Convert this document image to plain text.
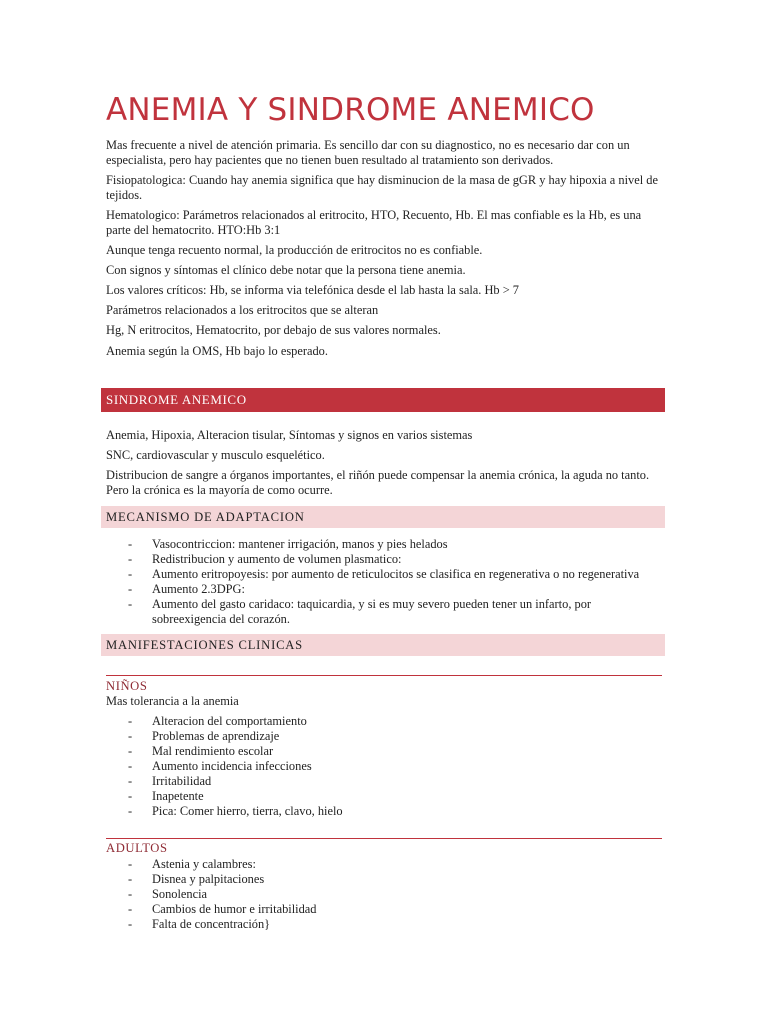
ANEMIA Y SINDROME ANEMICO

Mas frecuente a nivel de atención primaria. Es sencillo dar con su diagnostico, no es necesario dar con un especialista, pero hay pacientes que no tienen buen resultado al tratamiento son derivados.

Fisiopatologica: Cuando hay anemia significa que hay disminucion de la masa de gGR y hay hipoxia a nivel de tejidos.

Hematologico: Parámetros relacionados al eritrocito, HTO, Recuento, Hb. El mas confiable es la Hb, es una parte del hematocrito. HTO:Hb 3:1

Aunque tenga recuento normal, la producción de eritrocitos no es confiable.

Con signos y síntomas el clínico debe notar que la persona tiene anemia.

Los valores críticos: Hb, se informa via telefónica desde el lab hasta la sala. Hb > 7

Parámetros relacionados a los eritrocitos que se alteran

Hg, N eritrocitos, Hematocrito, por debajo de sus valores normales.

Anemia según la OMS, Hb bajo lo esperado.

SINDROME ANEMICO

Anemia, Hipoxia, Alteracion tisular, Síntomas y signos en varios sistemas

SNC, cardiovascular y musculo esquelético.

Distribucion de sangre a órganos importantes, el riñón puede compensar la anemia crónica, la aguda no tanto. Pero la crónica es la mayoría de como ocurre.

MECANISMO DE ADAPTACION
- Vasocontriccion: mantener irrigación, manos y pies helados
- Redistribucion y aumento de volumen plasmatico:
- Aumento eritropoyesis: por aumento de reticulocitos se clasifica en regenerativa o no regenerativa
- Aumento 2.3DPG:
- Aumento del gasto caridaco: taquicardia, y si es muy severo pueden tener un infarto, por sobreexigencia del corazón.
MANIFESTACIONES CLINICAS
NIÑOS

Mas tolerancia a la anemia

- Alteracion del comportamiento
- Problemas de aprendizaje
- Mal rendimiento escolar
- Aumento incidencia infecciones
- Irritabilidad
- Inapetente
- Pica: Comer hierro, tierra, clavo, hielo
ADULTOS
- Astenia y calambres:
- Disnea y palpitaciones
- Sonolencia
- Cambios de humor e irritabilidad
- Falta de concentración}
